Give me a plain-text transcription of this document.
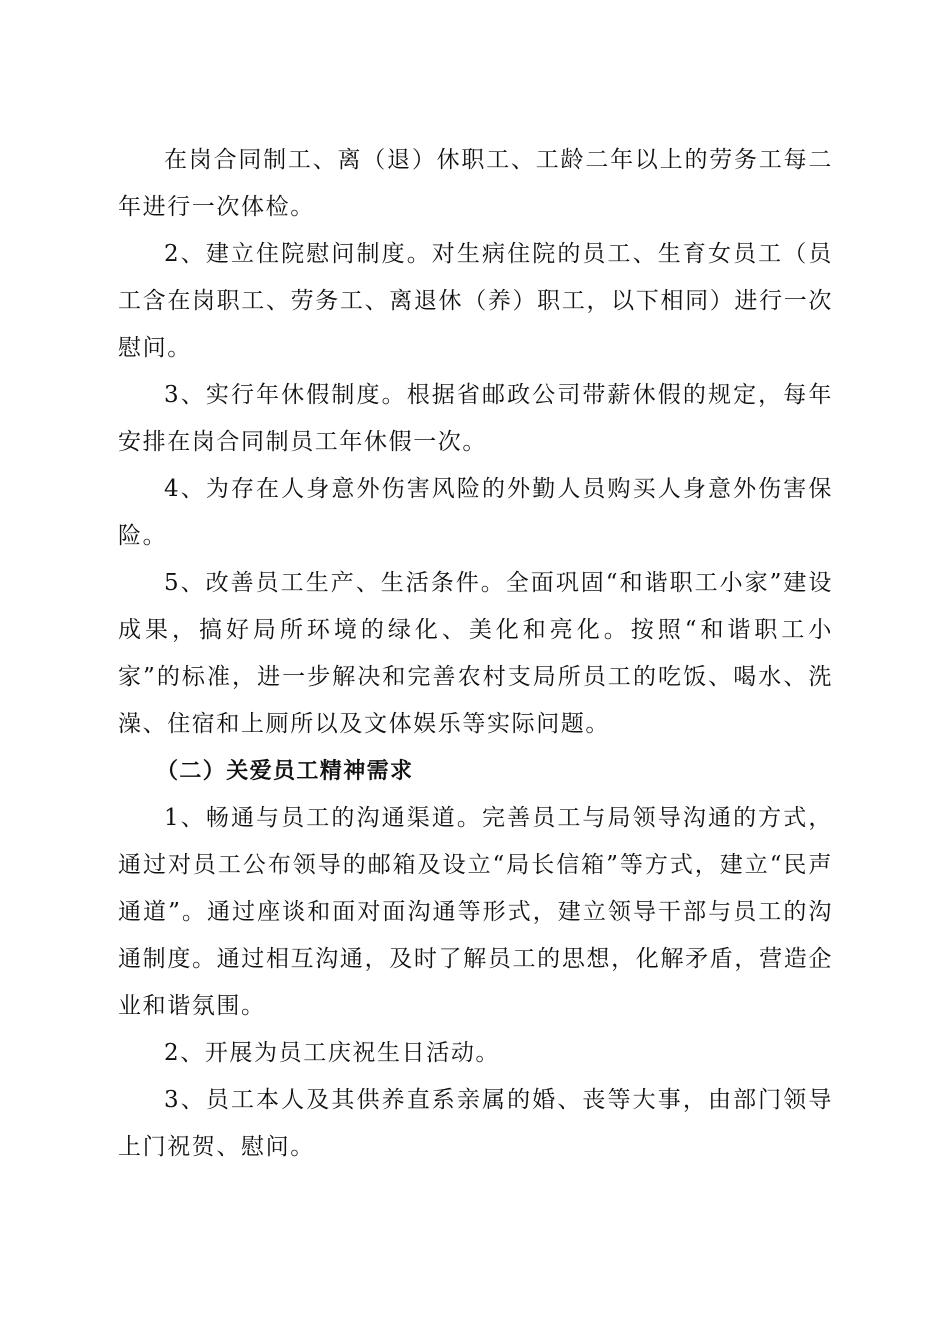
在岗合同制工、离（退）休职工、工龄二年以上的劳务工每二年进行一次体检。

2、建立住院慰问制度。对生病住院的员工、生育女员工（员工含在岗职工、劳务工、离退休（养）职工，以下相同）进行一次慰问。

3、实行年休假制度。根据省邮政公司带薪休假的规定，每年安排在岗合同制员工年休假一次。

4、为存在人身意外伤害风险的外勤人员购买人身意外伤害保险。

5、改善员工生产、生活条件。全面巩固“和谐职工小家”建设成果，搞好局所环境的绿化、美化和亮化。按照“和谐职工小家”的标准，进一步解决和完善农村支局所员工的吃饭、喝水、洗澡、住宿和上厕所以及文体娱乐等实际问题。

（二）关爱员工精神需求

1、畅通与员工的沟通渠道。完善员工与局领导沟通的方式，通过对员工公布领导的邮箱及设立“局长信箱”等方式，建立“民声通道”。通过座谈和面对面沟通等形式，建立领导干部与员工的沟通制度。通过相互沟通，及时了解员工的思想，化解矛盾，营造企业和谐氛围。

2、开展为员工庆祝生日活动。

3、员工本人及其供养直系亲属的婚、丧等大事，由部门领导上门祝贺、慰问。
